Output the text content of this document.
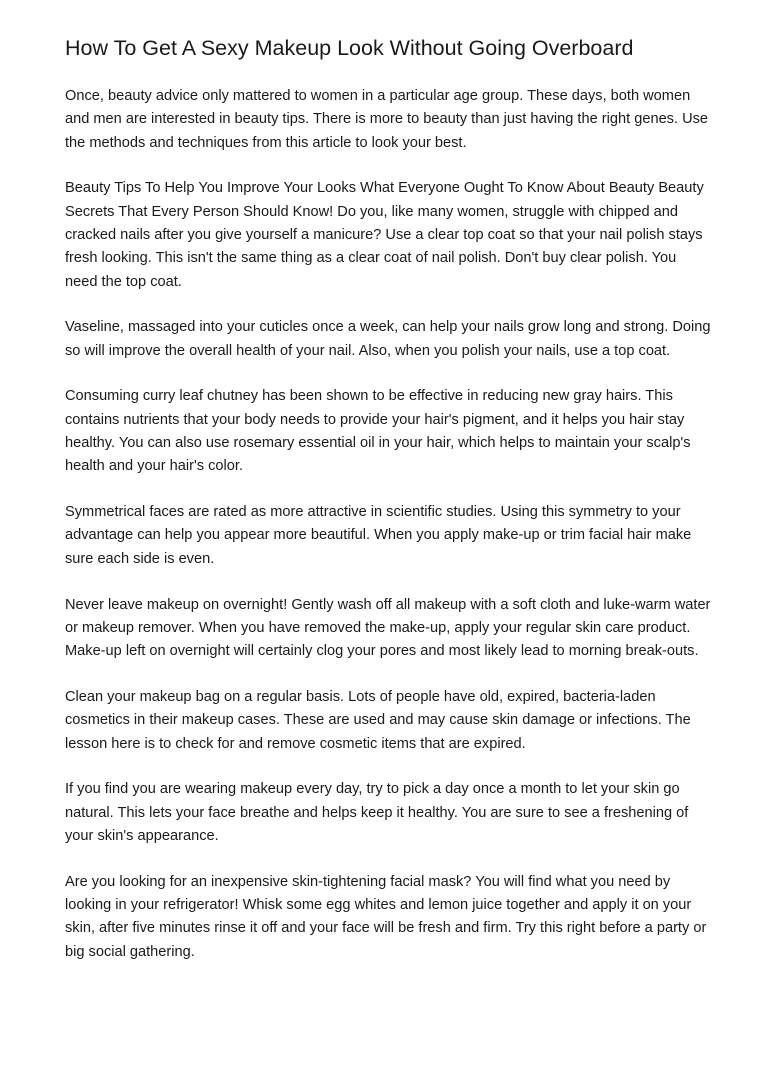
How To Get A Sexy Makeup Look Without Going Overboard

Once, beauty advice only mattered to women in a particular age group. These days, both women and men are interested in beauty tips. There is more to beauty than just having the right genes. Use the methods and techniques from this article to look your best.

Beauty Tips To Help You Improve Your Looks What Everyone Ought To Know About Beauty Beauty Secrets That Every Person Should Know! Do you, like many women, struggle with chipped and cracked nails after you give yourself a manicure? Use a clear top coat so that your nail polish stays fresh looking. This isn't the same thing as a clear coat of nail polish. Don't buy clear polish. You need the top coat.

Vaseline, massaged into your cuticles once a week, can help your nails grow long and strong. Doing so will improve the overall health of your nail. Also, when you polish your nails, use a top coat.

Consuming curry leaf chutney has been shown to be effective in reducing new gray hairs. This contains nutrients that your body needs to provide your hair's pigment, and it helps you hair stay healthy. You can also use rosemary essential oil in your hair, which helps to maintain your scalp's health and your hair's color.

Symmetrical faces are rated as more attractive in scientific studies. Using this symmetry to your advantage can help you appear more beautiful. When you apply make-up or trim facial hair make sure each side is even.

Never leave makeup on overnight! Gently wash off all makeup with a soft cloth and luke-warm water or makeup remover. When you have removed the make-up, apply your regular skin care product. Make-up left on overnight will certainly clog your pores and most likely lead to morning break-outs.

Clean your makeup bag on a regular basis. Lots of people have old, expired, bacteria-laden cosmetics in their makeup cases. These are used and may cause skin damage or infections. The lesson here is to check for and remove cosmetic items that are expired.

If you find you are wearing makeup every day, try to pick a day once a month to let your skin go natural. This lets your face breathe and helps keep it healthy. You are sure to see a freshening of your skin's appearance.

Are you looking for an inexpensive skin-tightening facial mask? You will find what you need by looking in your refrigerator! Whisk some egg whites and lemon juice together and apply it on your skin, after five minutes rinse it off and your face will be fresh and firm. Try this right before a party or big social gathering.
